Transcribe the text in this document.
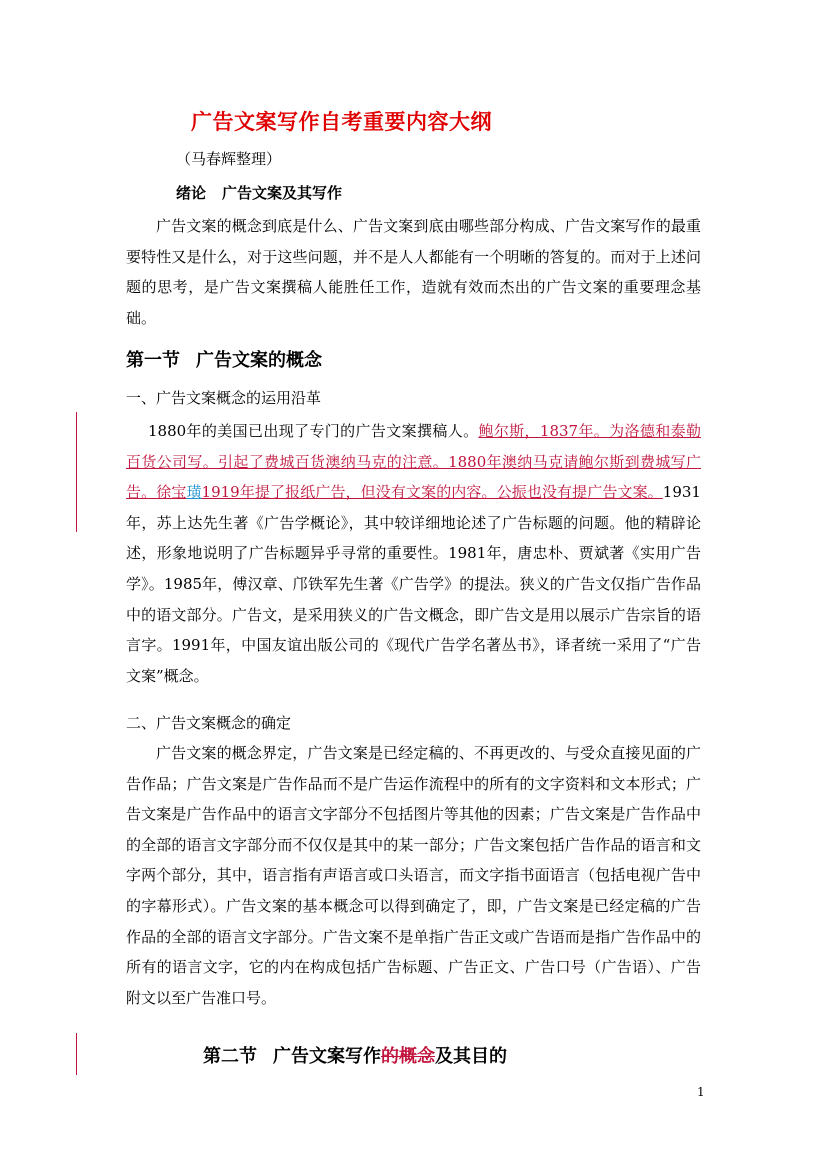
广告文案写作自考重要内容大纲
（马春辉整理）
绪论 广告文案及其写作

广告文案的概念到底是什么、广告文案到底由哪些部分构成、广告文案写作的最重要特性又是什么，对于这些问题，并不是人人都能有一个明晰的答复的。而对于上述问题的思考，是广告文案撰稿人能胜任工作，造就有效而杰出的广告文案的重要理念基础。

第一节 广告文案的概念
一、广告文案概念的运用沿革

1880年的美国已出现了专门的广告文案撰稿人。鲍尔斯，1837年。为洛德和泰勒百货公司写。引起了费城百货澳纳马克的注意。1880年澳纳马克请鲍尔斯到费城写广告。徐宝璜1919年提了报纸广告，但没有文案的内容。公振也没有提广告文案。1931年，苏上达先生著《广告学概论》，其中较详细地论述了广告标题的问题。他的精辟论述，形象地说明了广告标题异乎寻常的重要性。1981年，唐忠朴、贾斌著《实用广告学》。1985年，傅汉章、邝铁军先生著《广告学》的提法。狭义的广告文仅指广告作品中的语文部分。广告文，是采用狭义的广告文概念，即广告文是用以展示广告宗旨的语言字。1991年，中国友谊出版公司的《现代广告学名著丛书》，译者统一采用了“广告文案”概念。

二、广告文案概念的确定

广告文案的概念界定，广告文案是已经定稿的、不再更改的、与受众直接见面的广告作品；广告文案是广告作品而不是广告运作流程中的所有的文字资料和文本形式；广告文案是广告作品中的语言文字部分不包括图片等其他的因素；广告文案是广告作品中的全部的语言文字部分而不仅仅是其中的某一部分；广告文案包括广告作品的语言和文字两个部分，其中，语言指有声语言或口头语言，而文字指书面语言（包括电视广告中的字幕形式）。广告文案的基本概念可以得到确定了，即，广告文案是已经定稿的广告作品的全部的语言文字部分。广告文案不是单指广告正文或广告语而是指广告作品中的所有的语言文字，它的内在构成包括广告标题、广告正文、广告口号（广告语）、广告附文以至广告准口号。

第二节 广告文案写作的概念及其目的
1
